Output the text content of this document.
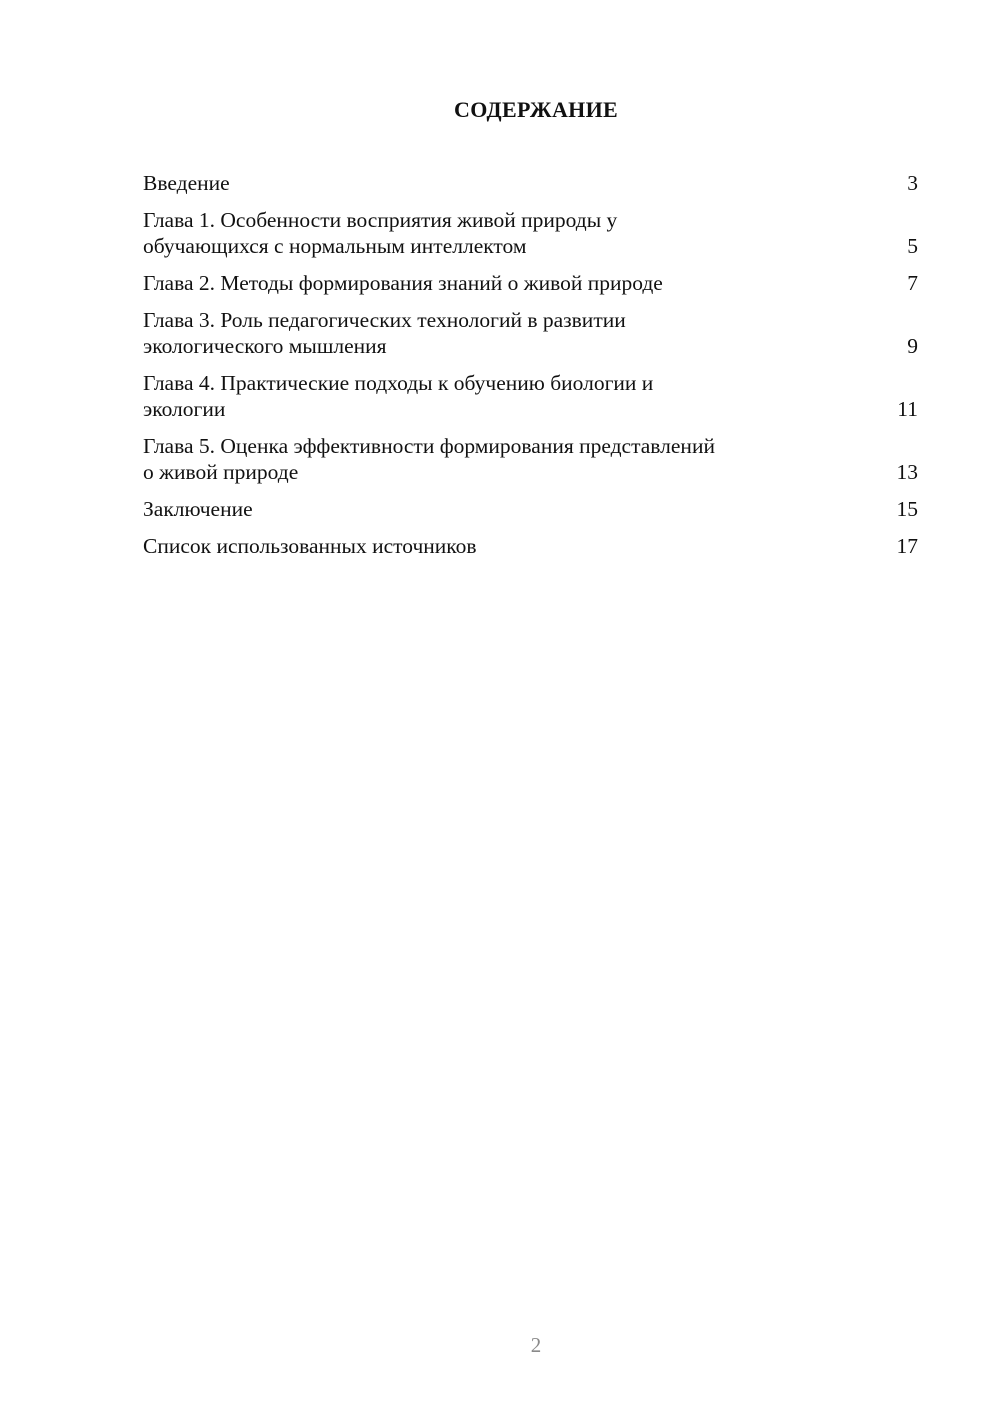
СОДЕРЖАНИЕ
Введение	3
Глава 1. Особенности восприятия живой природы у
обучающихся с нормальным интеллектом	5
Глава 2. Методы формирования знаний о живой природе	7
Глава 3. Роль педагогических технологий в развитии
экологического мышления	9
Глава 4. Практические подходы к обучению биологии и
экологии	11
Глава 5. Оценка эффективности формирования представлений
о живой природе	13
Заключение	15
Список использованных источников	17
2
